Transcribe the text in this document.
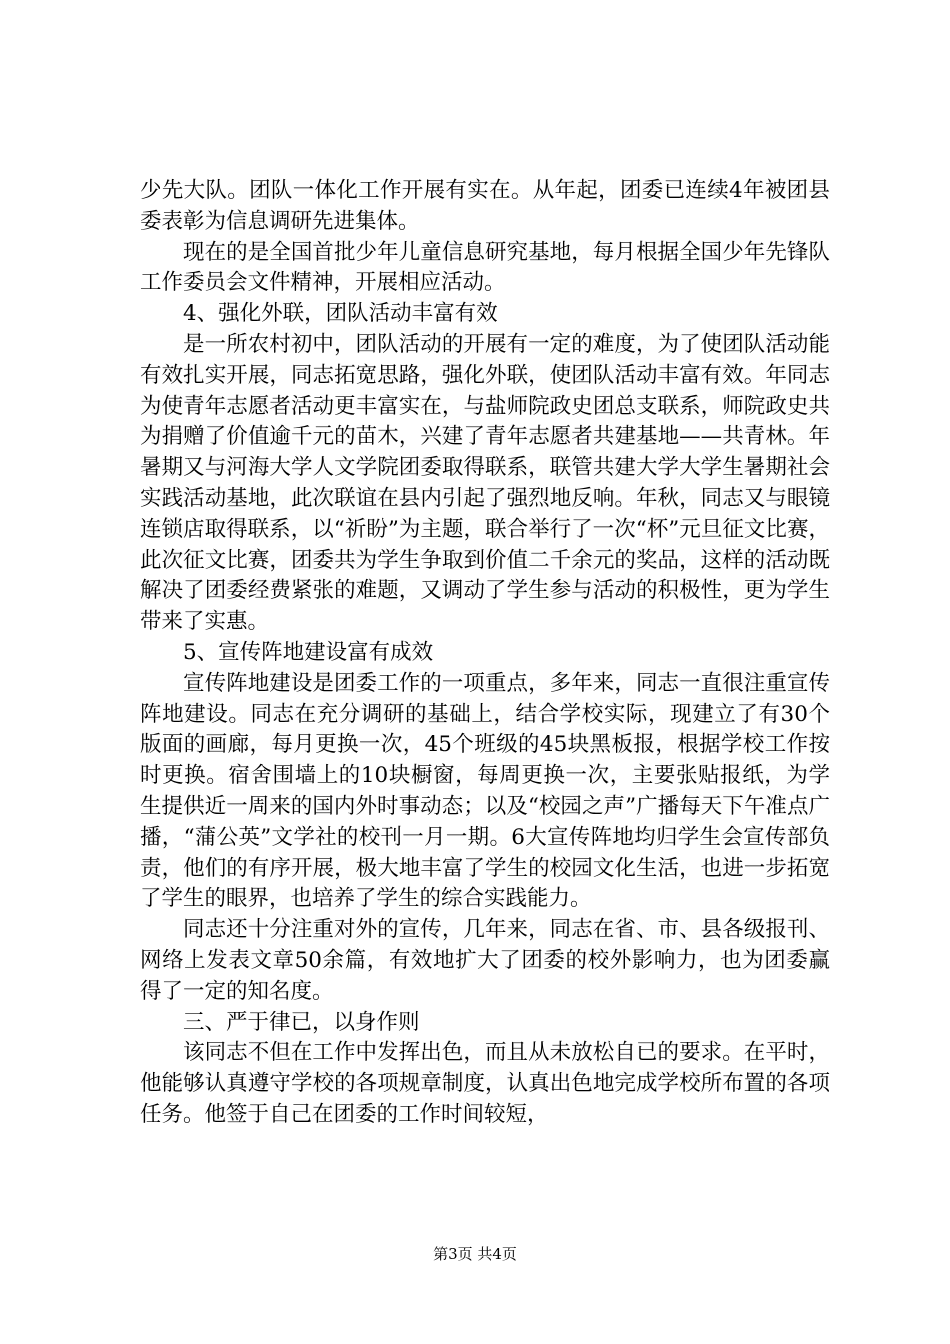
少先大队。团队一体化工作开展有实在。从年起，团委已连续4年被团县委表彰为信息调研先进集体。

现在的是全国首批少年儿童信息研究基地，每月根据全国少年先锋队工作委员会文件精神，开展相应活动。

4、强化外联，团队活动丰富有效

是一所农村初中，团队活动的开展有一定的难度，为了使团队活动能有效扎实开展，同志拓宽思路，强化外联，使团队活动丰富有效。年同志为使青年志愿者活动更丰富实在，与盐师院政史团总支联系，师院政史共为捐赠了价值逾千元的苗木，兴建了青年志愿者共建基地——共青林。年暑期又与河海大学人文学院团委取得联系，联管共建大学大学生暑期社会实践活动基地，此次联谊在县内引起了强烈地反响。年秋，同志又与眼镜连锁店取得联系，以“祈盼”为主题，联合举行了一次“杯”元旦征文比赛，此次征文比赛，团委共为学生争取到价值二千余元的奖品，这样的活动既解决了团委经费紧张的难题，又调动了学生参与活动的积极性，更为学生带来了实惠。

5、宣传阵地建设富有成效

宣传阵地建设是团委工作的一项重点，多年来，同志一直很注重宣传阵地建设。同志在充分调研的基础上，结合学校实际，现建立了有30个版面的画廊，每月更换一次，45个班级的45块黑板报，根据学校工作按时更换。宿舍围墙上的10块橱窗，每周更换一次，主要张贴报纸，为学生提供近一周来的国内外时事动态；以及“校园之声”广播每天下午准点广播，“蒲公英”文学社的校刊一月一期。6大宣传阵地均归学生会宣传部负责，他们的有序开展，极大地丰富了学生的校园文化生活，也进一步拓宽了学生的眼界，也培养了学生的综合实践能力。

同志还十分注重对外的宣传，几年来，同志在省、市、县各级报刊、网络上发表文章50余篇，有效地扩大了团委的校外影响力，也为团委赢得了一定的知名度。

三、严于律已，以身作则

该同志不但在工作中发挥出色，而且从未放松自已的要求。在平时，他能够认真遵守学校的各项规章制度，认真出色地完成学校所布置的各项任务。他签于自己在团委的工作时间较短，

第3页 共4页
